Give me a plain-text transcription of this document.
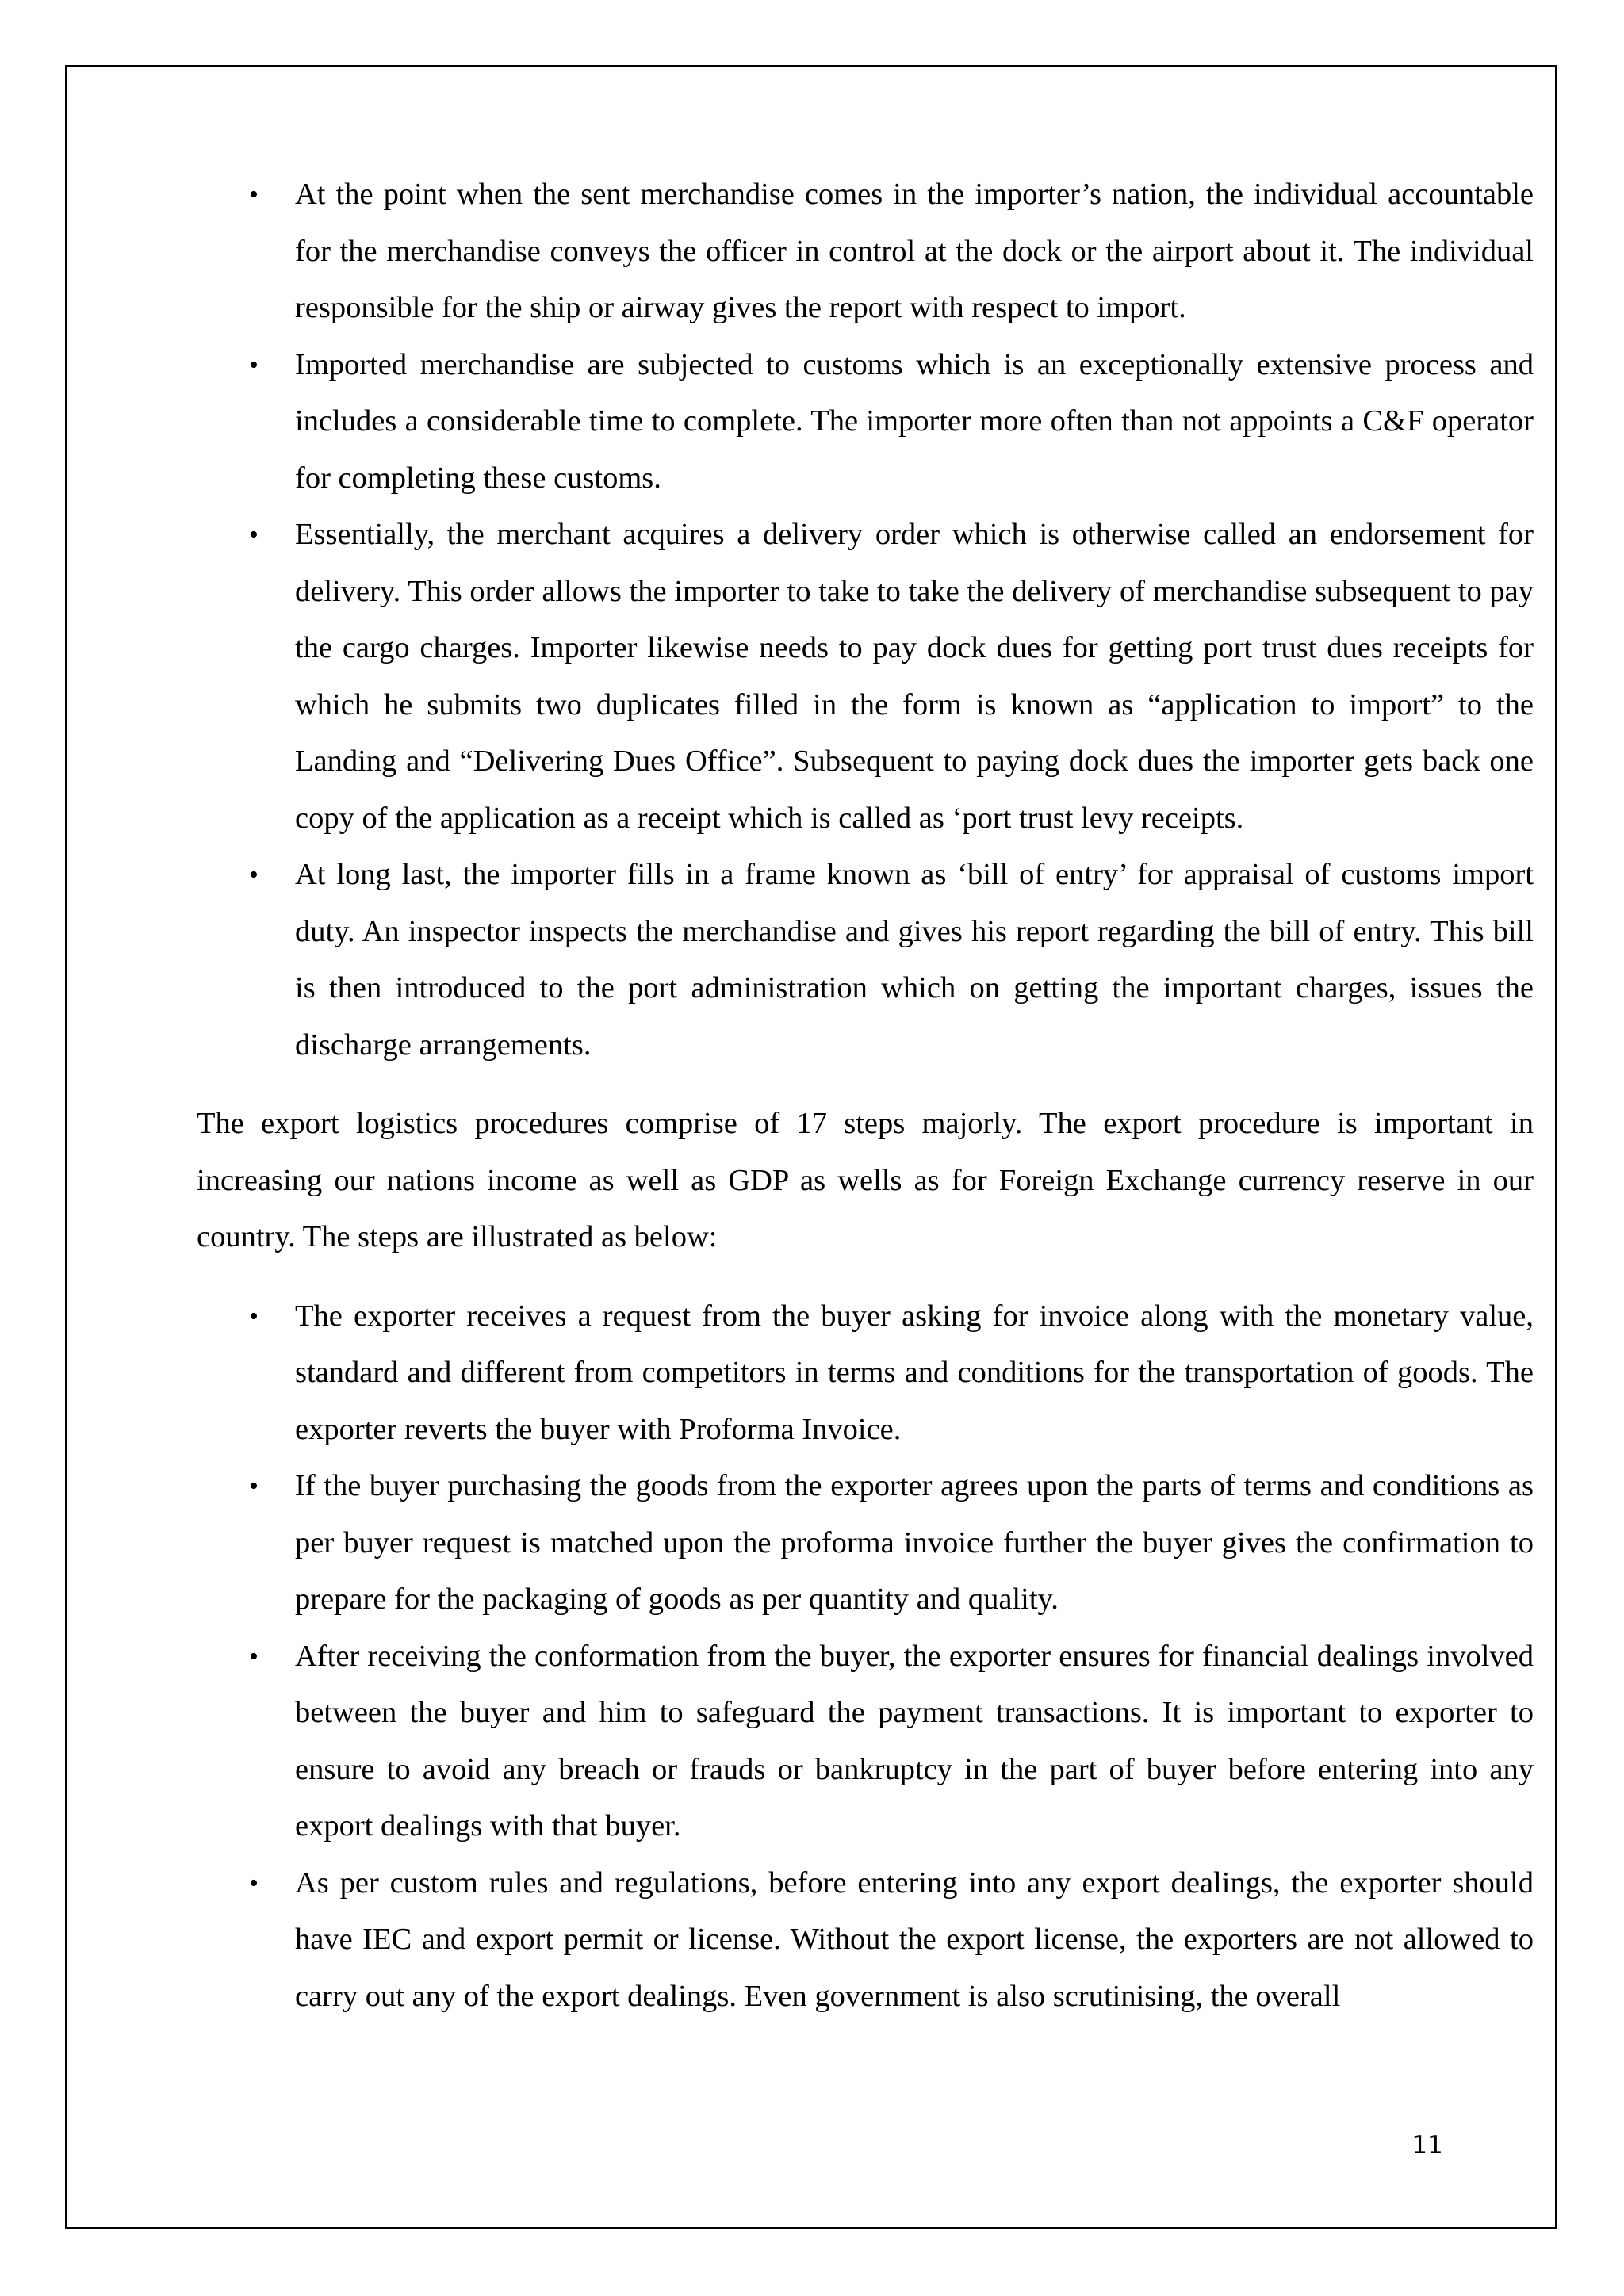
• At the point when the sent merchandise comes in the importer’s nation, the individual accountable for the merchandise conveys the officer in control at the dock or the airport about it. The individual responsible for the ship or airway gives the report with respect to import.
• Imported merchandise are subjected to customs which is an exceptionally extensive process and includes a considerable time to complete. The importer more often than not appoints a C&F operator for completing these customs.
• Essentially, the merchant acquires a delivery order which is otherwise called an endorsement for delivery. This order allows the importer to take to take the delivery of merchandise subsequent to pay the cargo charges. Importer likewise needs to pay dock dues for getting port trust dues receipts for which he submits two duplicates filled in the form is known as “application to import” to the Landing and “Delivering Dues Office”. Subsequent to paying dock dues the importer gets back one copy of the application as a receipt which is called as ‘port trust levy receipts.
• At long last, the importer fills in a frame known as ‘bill of entry’ for appraisal of customs import duty. An inspector inspects the merchandise and gives his report regarding the bill of entry. This bill is then introduced to the port administration which on getting the important charges, issues the discharge arrangements.

The export logistics procedures comprise of 17 steps majorly. The export procedure is important in increasing our nations income as well as GDP as wells as for Foreign Exchange currency reserve in our country. The steps are illustrated as below:

• The exporter receives a request from the buyer asking for invoice along with the monetary value, standard and different from competitors in terms and conditions for the transportation of goods. The exporter reverts the buyer with Proforma Invoice.
• If the buyer purchasing the goods from the exporter agrees upon the parts of terms and conditions as per buyer request is matched upon the proforma invoice further the buyer gives the confirmation to prepare for the packaging of goods as per quantity and quality.
• After receiving the conformation from the buyer, the exporter ensures for financial dealings involved between the buyer and him to safeguard the payment transactions. It is important to exporter to ensure to avoid any breach or frauds or bankruptcy in the part of buyer before entering into any export dealings with that buyer.
• As per custom rules and regulations, before entering into any export dealings, the exporter should have IEC and export permit or license. Without the export license, the exporters are not allowed to carry out any of the export dealings. Even government is also scrutinising, the overall
11
